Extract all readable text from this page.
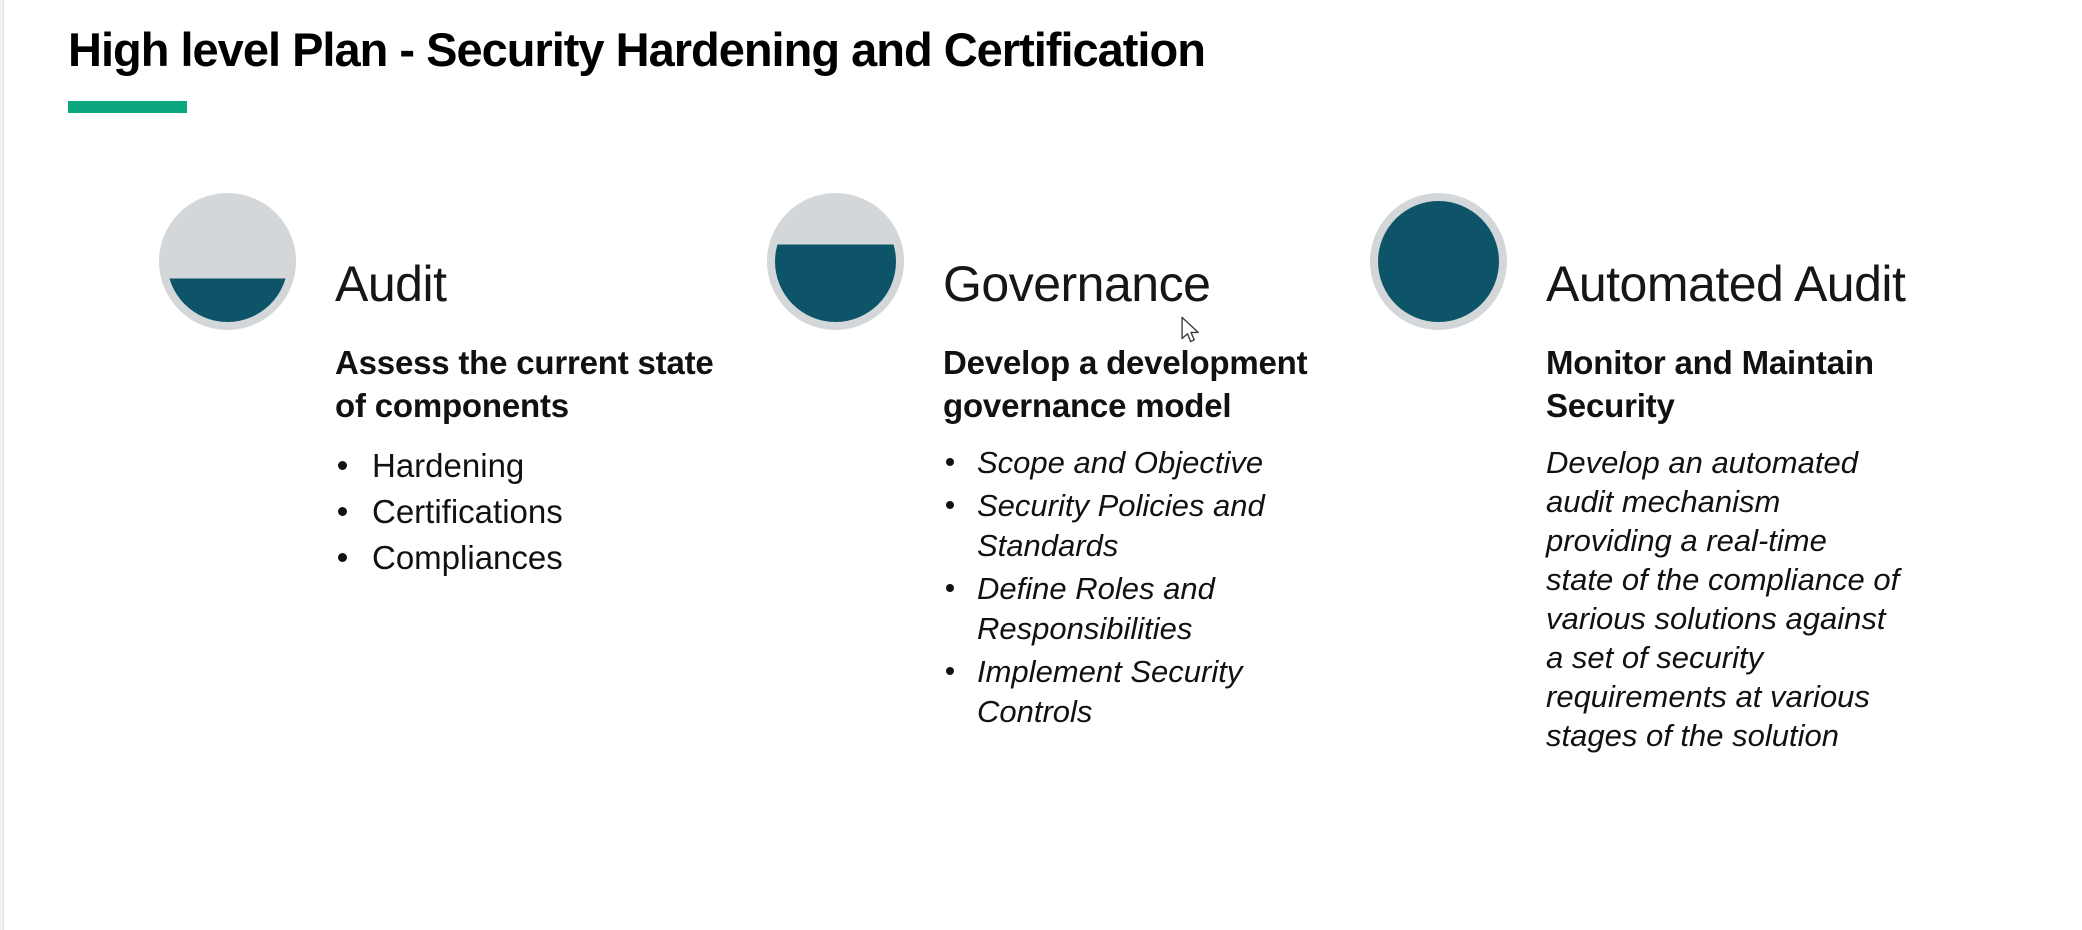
High level Plan - Security Hardening and Certification
Audit

Assess the current state of components

Hardening
Certifications
Compliances
Governance

Develop a development governance model

Scope and Objective
Security Policies and Standards
Define Roles and Responsibilities
Implement Security Controls
Automated Audit

Monitor and Maintain Security

Develop an automated
audit mechanism
providing a real-time
state of the compliance of
various solutions against
a set of security
requirements at various
stages of the solution
